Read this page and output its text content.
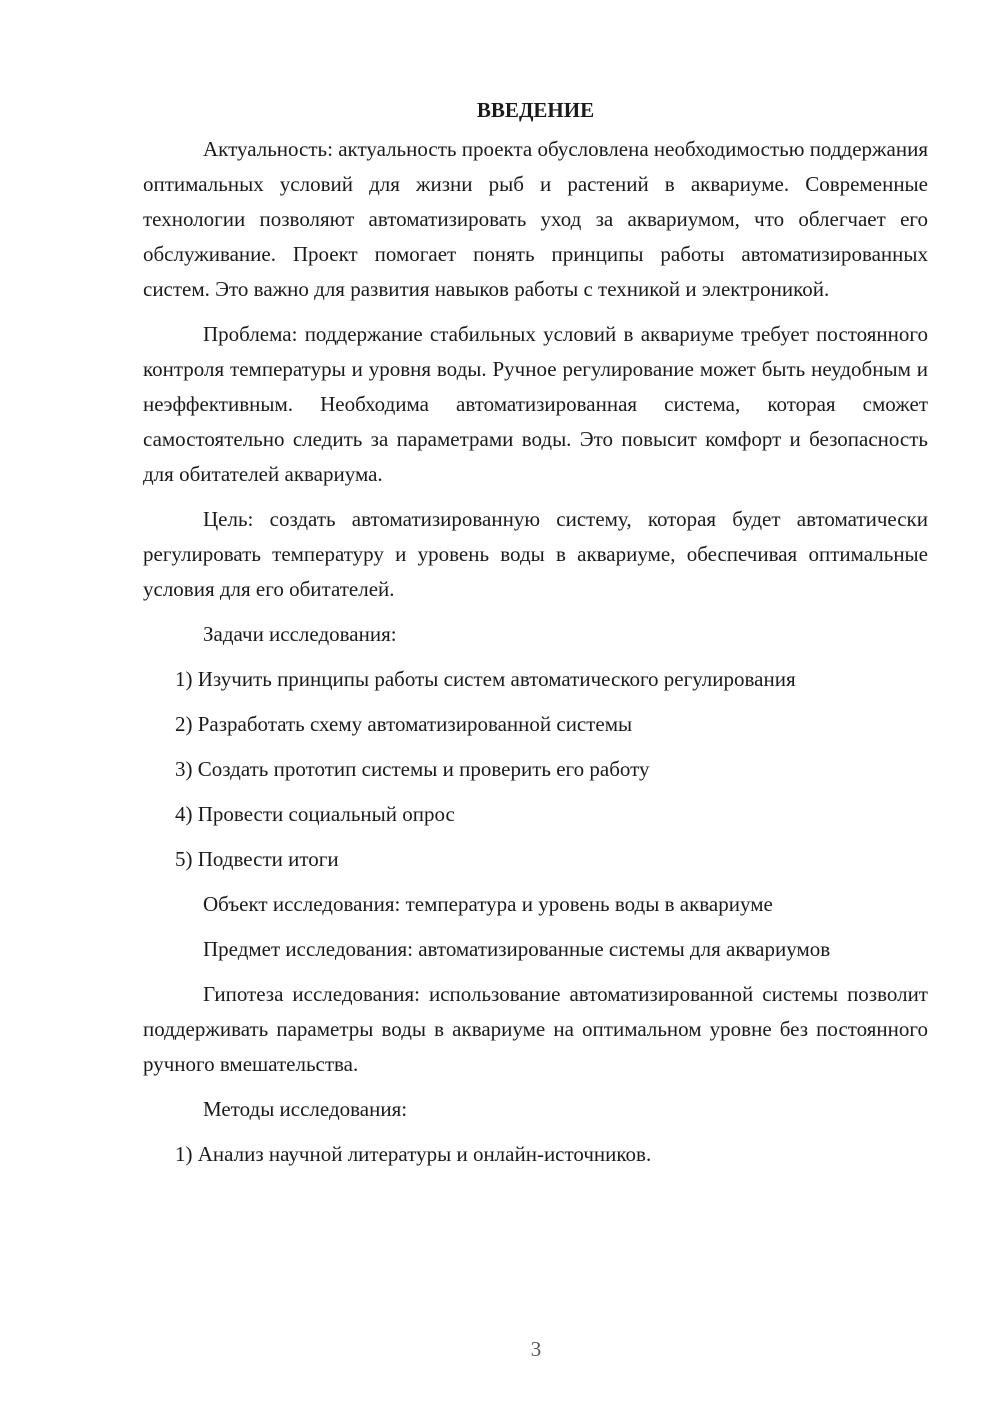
ВВЕДЕНИЕ

Актуальность: актуальность проекта обусловлена необходимостью поддержания оптимальных условий для жизни рыб и растений в аквариуме. Современные технологии позволяют автоматизировать уход за аквариумом, что облегчает его обслуживание. Проект помогает понять принципы работы автоматизированных систем. Это важно для развития навыков работы с техникой и электроникой.

Проблема: поддержание стабильных условий в аквариуме требует постоянного контроля температуры и уровня воды. Ручное регулирование может быть неудобным и неэффективным. Необходима автоматизированная система, которая сможет самостоятельно следить за параметрами воды. Это повысит комфорт и безопасность для обитателей аквариума.

Цель: создать автоматизированную систему, которая будет автоматически регулировать температуру и уровень воды в аквариуме, обеспечивая оптимальные условия для его обитателей.

Задачи исследования:

1) Изучить принципы работы систем автоматического регулирования

2) Разработать схему автоматизированной системы

3) Создать прототип системы и проверить его работу

4) Провести социальный опрос

5) Подвести итоги

Объект исследования: температура и уровень воды в аквариуме

Предмет исследования: автоматизированные системы для аквариумов

Гипотеза исследования: использование автоматизированной системы позволит поддерживать параметры воды в аквариуме на оптимальном уровне без постоянного ручного вмешательства.

Методы исследования:

1) Анализ научной литературы и онлайн-источников.

3
